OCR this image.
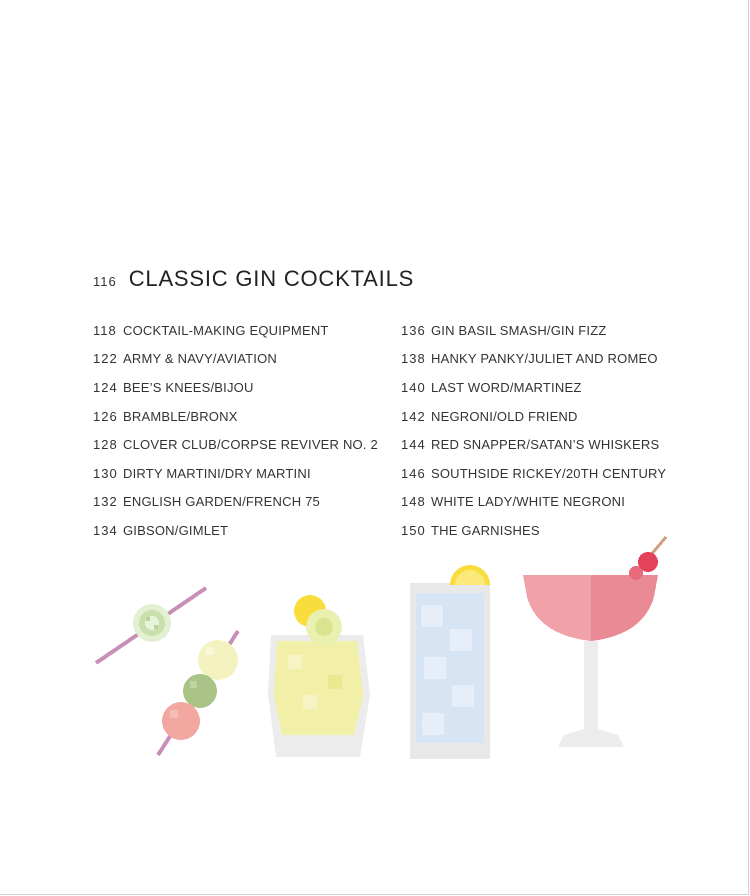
116 CLASSIC GIN COCKTAILS
118 COCKTAIL-MAKING EQUIPMENT
122 ARMY & NAVY/AVIATION
124 BEE’S KNEES/BIJOU
126 BRAMBLE/BRONX
128 CLOVER CLUB/CORPSE REVIVER NO. 2
130 DIRTY MARTINI/DRY MARTINI
132 ENGLISH GARDEN/FRENCH 75
134 GIBSON/GIMLET
136 GIN BASIL SMASH/GIN FIZZ
138 HANKY PANKY/JULIET AND ROMEO
140 LAST WORD/MARTINEZ
142 NEGRONI/OLD FRIEND
144 RED SNAPPER/SATAN’S WHISKERS
146 SOUTHSIDE RICKEY/20TH CENTURY
148 WHITE LADY/WHITE NEGRONI
150 THE GARNISHES
